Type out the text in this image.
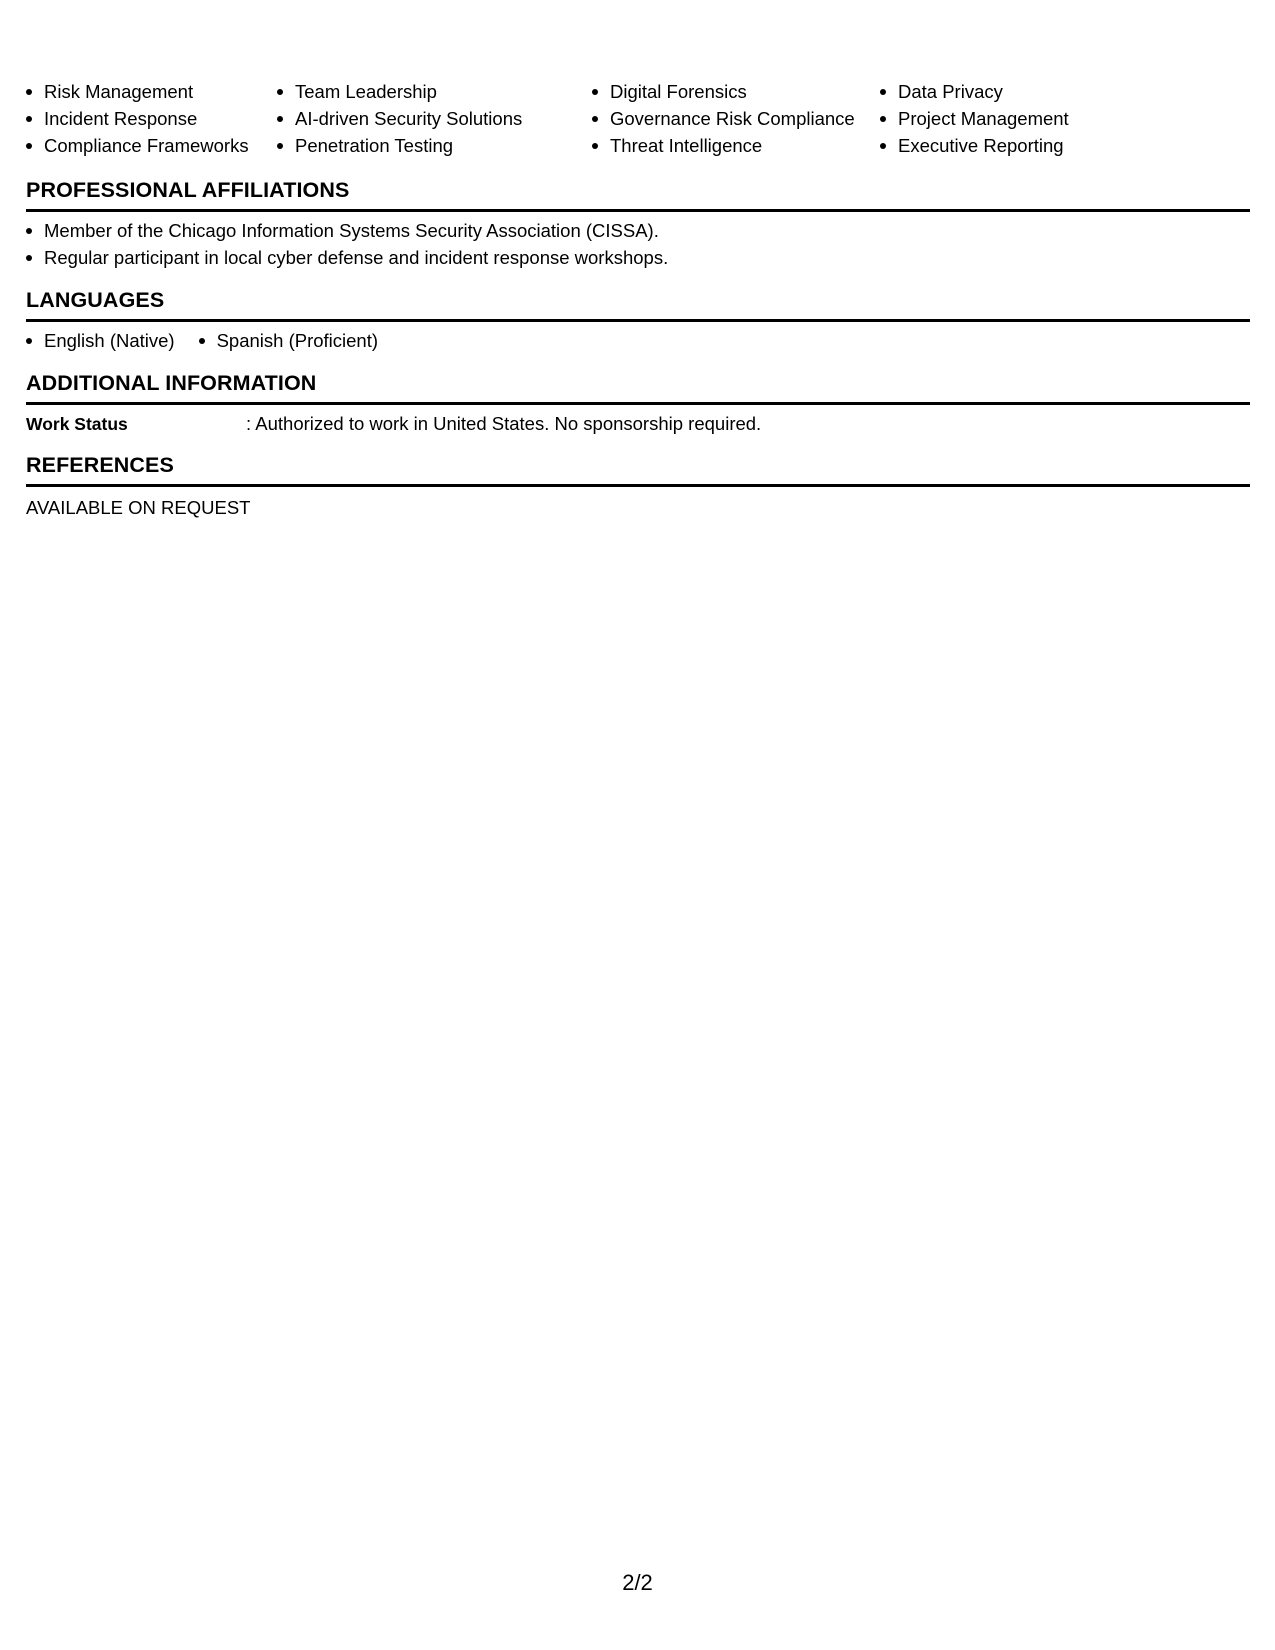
Risk Management
Incident Response
Compliance Frameworks
Team Leadership
AI-driven Security Solutions
Penetration Testing
Digital Forensics
Governance Risk Compliance
Threat Intelligence
Data Privacy
Project Management
Executive Reporting
PROFESSIONAL AFFILIATIONS
Member of the Chicago Information Systems Security Association (CISSA).
Regular participant in local cyber defense and incident response workshops.
LANGUAGES
English (Native)	Spanish (Proficient)
ADDITIONAL INFORMATION
Work Status	: Authorized to work in United States. No sponsorship required.
REFERENCES
AVAILABLE ON REQUEST
2/2
